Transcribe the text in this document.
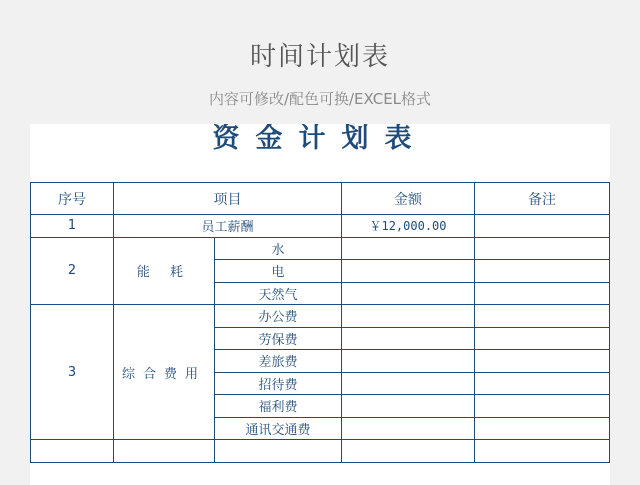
时间计划表
内容可修改/配色可换/EXCEL格式
资金计划表
序号	项目		金额	备注
1	员工薪酬		￥12,000.00	
2	能 耗	水		
		电		
		天然气		
3	综合费用	办公费		
		劳保费		
		差旅费		
		招待费		
		福利费		
		通讯交通费		
